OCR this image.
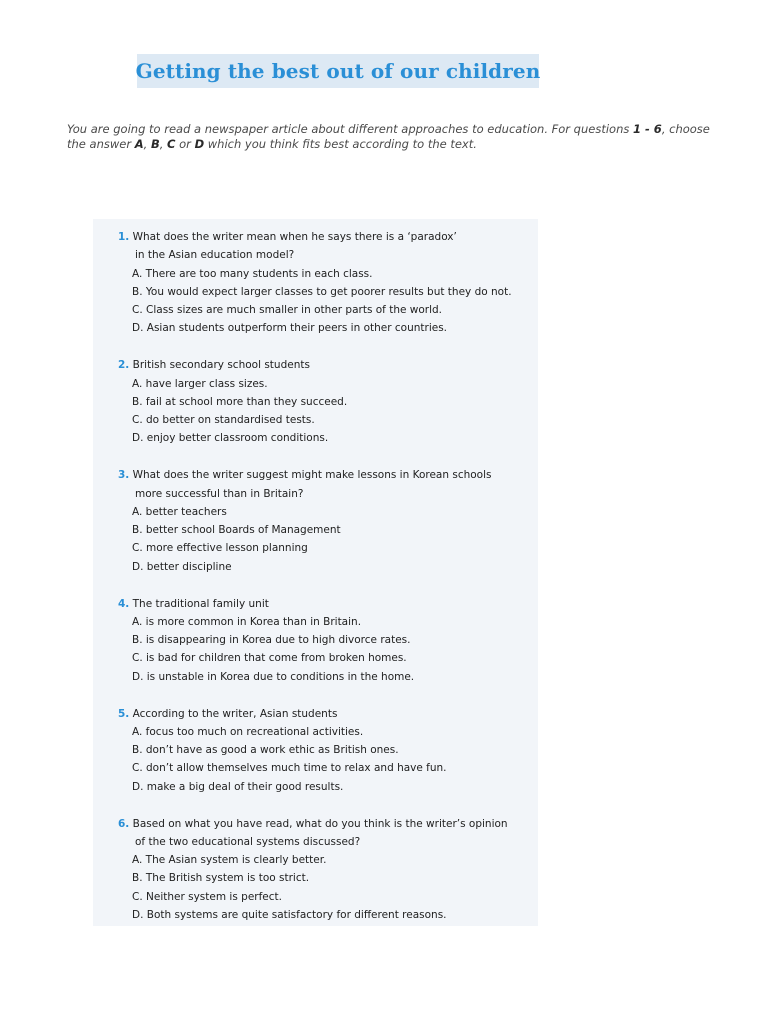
Getting the best out of our children
You are going to read a newspaper article about different approaches to education. For questions 1 - 6, choose the answer A, B, C or D which you think fits best according to the text.
1. What does the writer mean when he says there is a ‘paradox’
in the Asian education model?
A. There are too many students in each class.
B. You would expect larger classes to get poorer results but they do not.
C. Class sizes are much smaller in other parts of the world.
D. Asian students outperform their peers in other countries.
2. British secondary school students
A. have larger class sizes.
B. fail at school more than they succeed.
C. do better on standardised tests.
D. enjoy better classroom conditions.
3. What does the writer suggest might make lessons in Korean schools
more successful than in Britain?
A. better teachers
B. better school Boards of Management
C. more effective lesson planning
D. better discipline
4. The traditional family unit
A. is more common in Korea than in Britain.
B. is disappearing in Korea due to high divorce rates.
C. is bad for children that come from broken homes.
D. is unstable in Korea due to conditions in the home.
5. According to the writer, Asian students
A. focus too much on recreational activities.
B. don’t have as good a work ethic as British ones.
C. don’t allow themselves much time to relax and have fun.
D. make a big deal of their good results.
6. Based on what you have read, what do you think is the writer’s opinion
of the two educational systems discussed?
A. The Asian system is clearly better.
B. The British system is too strict.
C. Neither system is perfect.
D. Both systems are quite satisfactory for different reasons.
